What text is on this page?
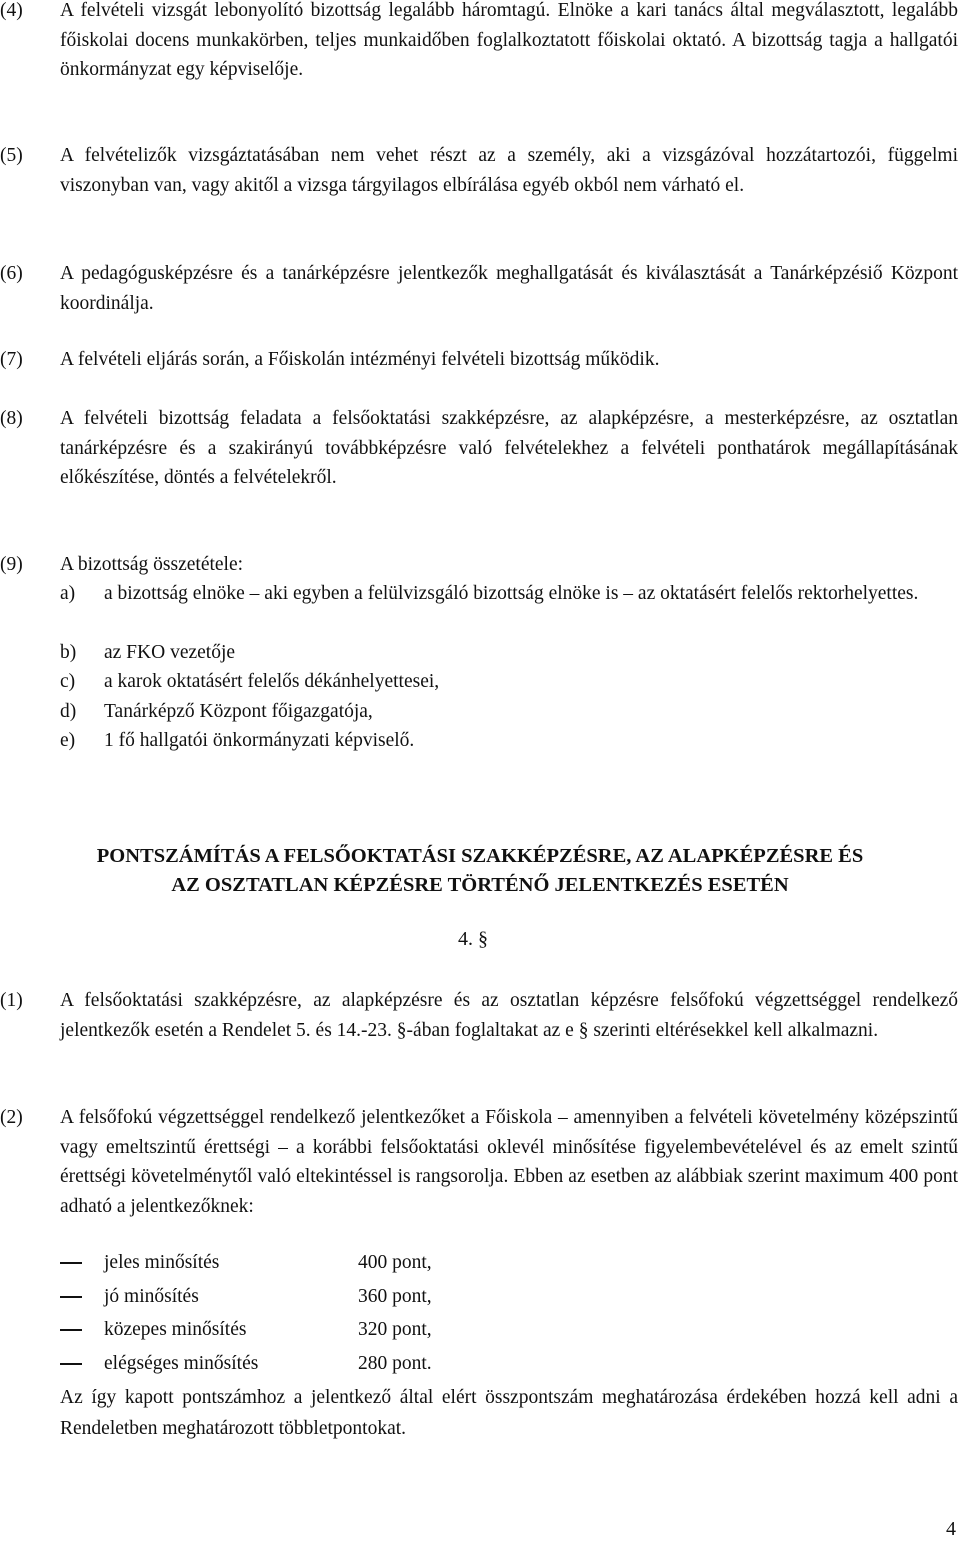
(4)	A felvételi vizsgát lebonyolító bizottság legalább háromtagú. Elnöke a kari tanács által megválasztott, legalább főiskolai docens munkakörben, teljes munkaidőben foglalkoztatott főiskolai oktató. A bizottság tagja a hallgatói önkormányzat egy képviselője.
(5)	A felvételizők vizsgáztatásában nem vehet részt az a személy, aki a vizsgázóval hozzátartozói, függelmi viszonyban van, vagy akitől a vizsga tárgyilagos elbírálása egyéb okból nem várható el.
(6)	A pedagógusképzésre és a tanárképzésre jelentkezők meghallgatását és kiválasztását a Tanárképzésiő Központ koordinálja.
(7)	A felvételi eljárás során, a Főiskolán intézményi felvételi bizottság működik.
(8)	A felvételi bizottság feladata a felsőoktatási szakképzésre, az alapképzésre, a mesterképzésre, az osztatlan tanárképzésre és a szakirányú továbbképzésre való felvételekhez a felvételi ponthatárok megállapításának előkészítése, döntés a felvételekről.
(9)	A bizottság összetétele:
a)	a bizottság elnöke – aki egyben a felülvizsgáló bizottság elnöke is – az oktatásért felelős rektorhelyettes.
b)	az FKO vezetője
c)	a karok oktatásért felelős dékánhelyettesei,
d)	Tanárképző Központ főigazgatója,
e)	1 fő hallgatói önkormányzati képviselő.
PONTSZÁMÍTÁS A FELSŐOKTATÁSI SZAKKÉPZÉSRE, AZ ALAPKÉPZÉSRE ÉS
AZ OSZTATLAN KÉPZÉSRE TÖRTÉNŐ JELENTKEZÉS ESETÉN
4. §
(1)	A felsőoktatási szakképzésre, az alapképzésre és az osztatlan képzésre felsőfokú végzettséggel rendelkező jelentkezők esetén a Rendelet 5. és 14.-23. §-ában foglaltakat az e § szerinti eltérésekkel kell alkalmazni.
(2)	A felsőfokú végzettséggel rendelkező jelentkezőket a Főiskola – amennyiben a felvételi követelmény középszintű vagy emeltszintű érettségi – a korábbi felsőoktatási oklevél minősítése figyelembevételével és az emelt szintű érettségi követelménytől való eltekintéssel is rangsorolja. Ebben az esetben az alábbiak szerint maximum 400 pont adható a jelentkezőknek:
jeles minősítés	400 pont,
jó minősítés	360 pont,
közepes minősítés	320 pont,
elégséges minősítés	280 pont.
Az így kapott pontszámhoz a jelentkező által elért összpontszám meghatározása érdekében hozzá kell adni a Rendeletben meghatározott többletpontokat.
4
